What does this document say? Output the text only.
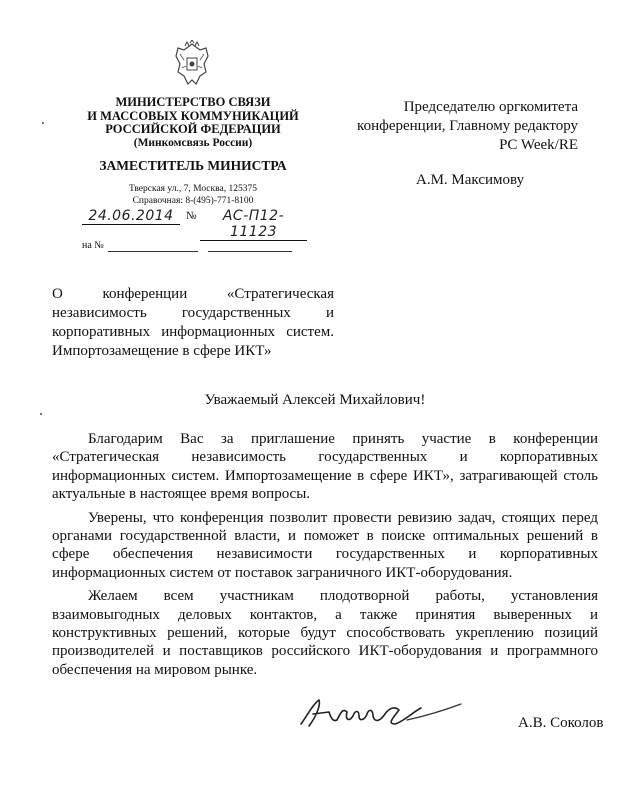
МИНИСТЕРСТВО СВЯЗИ
И МАССОВЫХ КОММУНИКАЦИЙ
РОССИЙСКОЙ ФЕДЕРАЦИИ
(Минкомсвязь России)
ЗАМЕСТИТЕЛЬ МИНИСТРА
Тверская ул., 7, Москва, 125375
Справочная: 8-(495)-771-8100
24.06.2014	№	АС-П12-11123
на №
Председателю оргкомитета
конференции, Главному редактору
PC Week/RE
А.М. Максимову

О конференции «Стратегическая независимость государственных и корпоративных информационных систем. Импортозамещение в сфере ИКТ»

Уважаемый Алексей Михайлович!

Благодарим Вас за приглашение принять участие в конференции «Стратегическая независимость государственных и корпоративных информационных систем. Импортозамещение в сфере ИКТ», затрагивающей столь актуальные в настоящее время вопросы.

Уверены, что конференция позволит провести ревизию задач, стоящих перед органами государственной власти, и поможет в поиске оптимальных решений в сфере обеспечения независимости государственных и корпоративных информационных систем от поставок заграничного ИКТ-оборудования.

Желаем всем участникам плодотворной работы, установления взаимовыгодных деловых контактов, а также принятия выверенных и конструктивных решений, которые будут способствовать укреплению позиций производителей и поставщиков российского ИКТ-оборудования и программного обеспечения на мировом рынке.

А.В. Соколов
